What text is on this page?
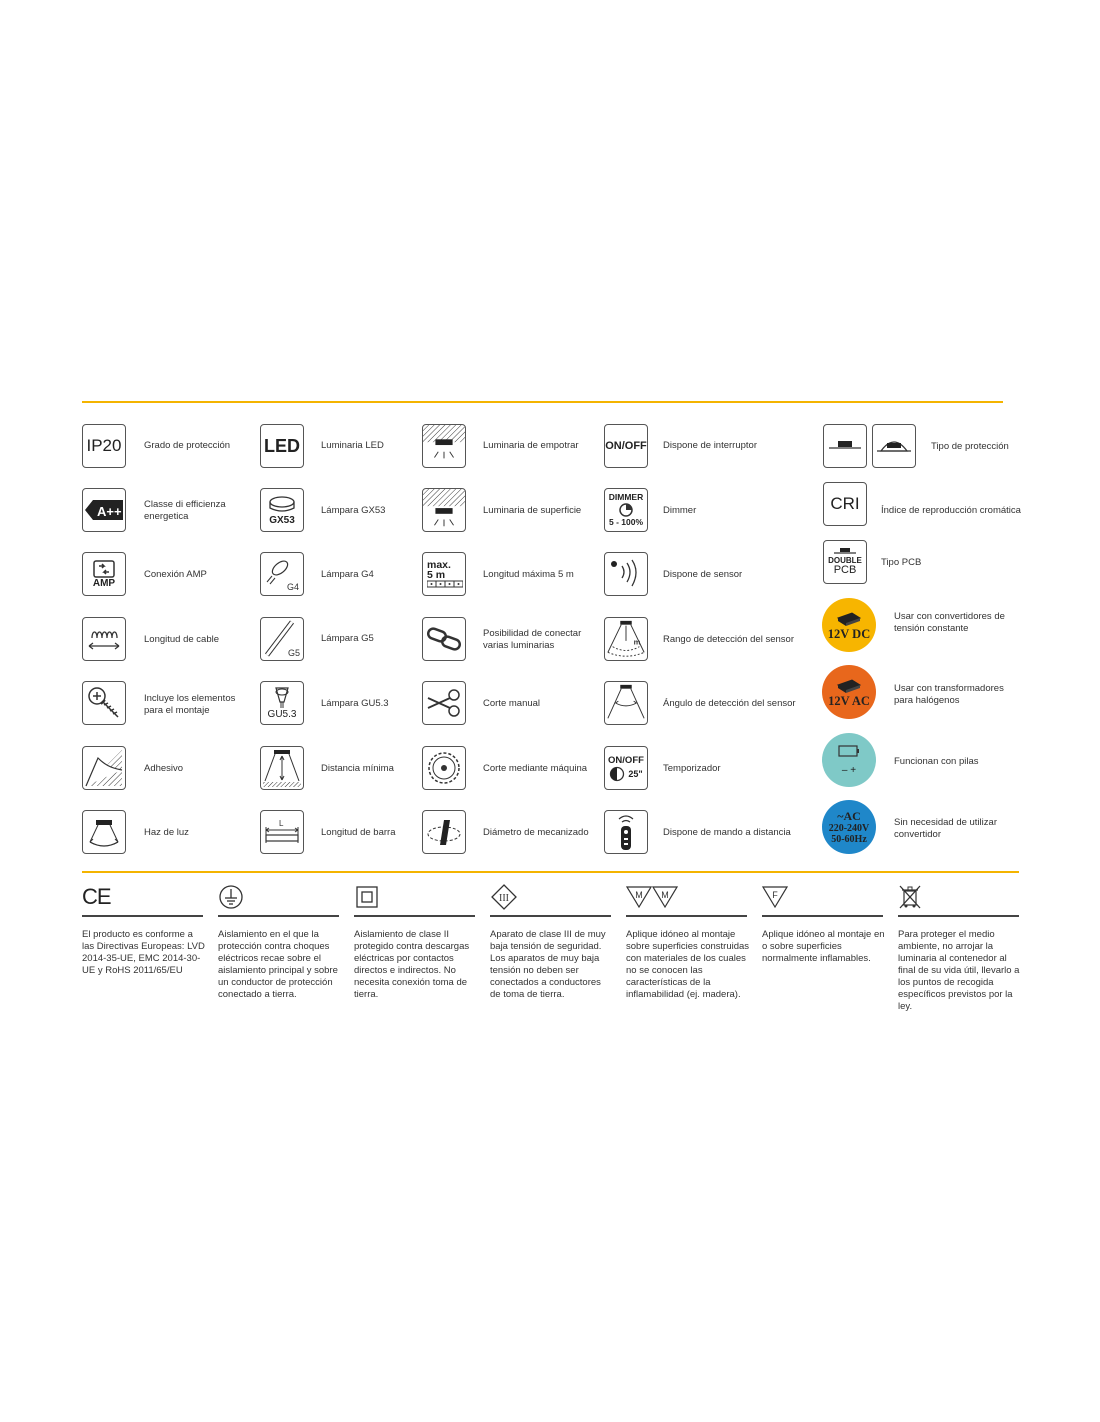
IP20 Grado de protección
A++ Classe di efficienza
energetica
AMP
Conexión AMP
Longitud de cable
Incluye los elementos
para el montaje
Adhesivo
Haz de luz
LED Luminaria LED
GX53
Lámpara GX53
G4
Lámpara G4
G5
Lámpara G5
GU5.3
Lámpara GU5.3
Distancia mínima
L
Longitud de barra
Luminaria de empotrar
Luminaria de superficie
max.
5 m	Longitud máxima 5 m
Posibilidad de conectar
varias luminarias
Corte manual
Corte mediante máquina
Diámetro de mecanizado
ON/OFF Dispone de interruptor
DIMMER
5 - 100%
Dimmer
Dispone de sensor
m Rango de detección del sensor
Ángulo de detección del sensor
ON/OFF
25" Temporizador
Dispone de mando a distancia
Tipo de protección
CRI Índice de reproducción cromática
DOUBLE
PCB
Tipo PCB
12V DC
Usar con convertidores de
tensión constante
12V AC
Usar con transformadores
para halógenos
– +
Funcionan con pilas
~AC
220-240V
50-60Hz
Sin necesidad de utilizar
convertidor
CE
El producto es conforme a las Directivas Europeas: LVD 2014-35-UE, EMC 2014-30-UE y RoHS 2011/65/EU
Aislamiento en el que la protección contra choques eléctricos recae sobre el aislamiento principal y sobre un conductor de protección conectado a tierra.
Aislamiento de clase II protegido contra descargas eléctricas por contactos directos e indirectos. No necesita conexión toma de tierra.
III
Aparato de clase III de muy baja tensión de seguridad. Los aparatos de muy baja tensión no deben ser conectados a conductores de toma de tierra.
M M
Aplique idóneo al montaje sobre superficies construidas con materiales de los cuales no se conocen las características de la inflamabilidad (ej. madera).
F
Aplique idóneo al montaje en o sobre superficies normalmente inflamables.
Para proteger el medio ambiente, no arrojar la luminaria al contenedor al final de su vida útil, llevarlo a los puntos de recogida específicos previstos por la ley.
